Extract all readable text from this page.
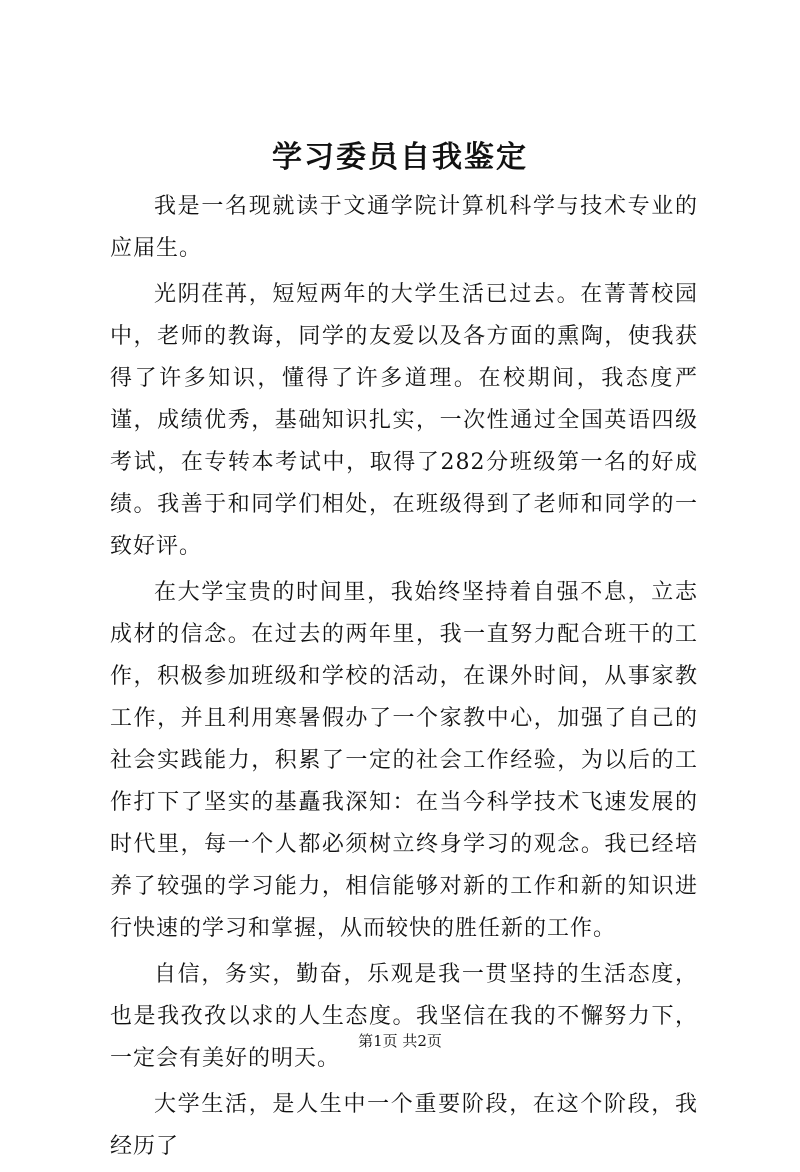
学习委员自我鉴定

我是一名现就读于文通学院计算机科学与技术专业的应届生。

光阴荏苒，短短两年的大学生活已过去。在菁菁校园中，老师的教诲，同学的友爱以及各方面的熏陶，使我获得了许多知识，懂得了许多道理。在校期间，我态度严谨，成绩优秀，基础知识扎实，一次性通过全国英语四级考试，在专转本考试中，取得了282分班级第一名的好成绩。我善于和同学们相处，在班级得到了老师和同学的一致好评。

在大学宝贵的时间里，我始终坚持着自强不息，立志成材的信念。在过去的两年里，我一直努力配合班干的工作，积极参加班级和学校的活动，在课外时间，从事家教工作，并且利用寒暑假办了一个家教中心，加强了自己的社会实践能力，积累了一定的社会工作经验，为以后的工作打下了坚实的基矗我深知：在当今科学技术飞速发展的时代里，每一个人都必须树立终身学习的观念。我已经培养了较强的学习能力，相信能够对新的工作和新的知识进行快速的学习和掌握，从而较快的胜任新的工作。

自信，务实，勤奋，乐观是我一贯坚持的生活态度，也是我孜孜以求的人生态度。我坚信在我的不懈努力下，一定会有美好的明天。

大学生活，是人生中一个重要阶段，在这个阶段，我经历了

第1页 共2页
